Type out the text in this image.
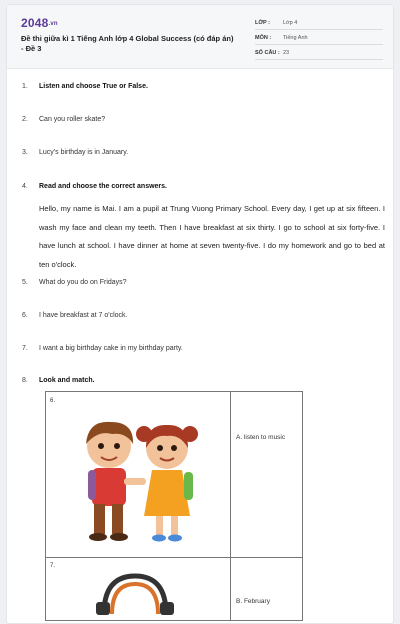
2048.vn
Đề thi giữa kì 1 Tiếng Anh lớp 4 Global Success (có đáp án) - Đề 3
LỚP : Lớp 4
MÔN : Tiếng Anh
SỐ CÂU : 23
1. Listen and choose True or False.
2. Can you roller skate?
3. Lucy's birthday is in January.
4. Read and choose the correct answers.
Hello, my name is Mai. I am a pupil at Trung Vuong Primary School. Every day, I get up at six fifteen. I wash my face and clean my teeth. Then I have breakfast at six thirty. I go to school at six forty-five. I have lunch at school. I have dinner at home at seven twenty-five. I do my homework and go to bed at ten o'clock.
5. What do you do on Fridays?
6. I have breakfast at 7 o'clock.
7. I want a big birthday cake in my birthday party.
8. Look and match.
6.
A. listen to music
7.
B. February
